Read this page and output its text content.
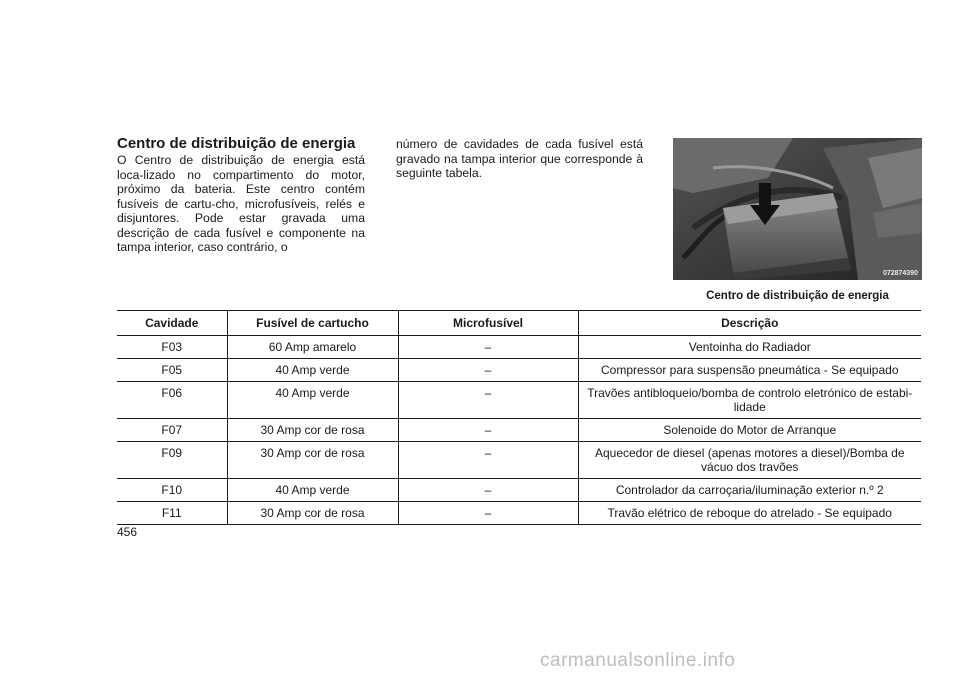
Centro de distribuição de energia

O Centro de distribuição de energia está loca-lizado no compartimento do motor, próximo da bateria. Este centro contém fusíveis de cartu-cho, microfusíveis, relés e disjuntores. Pode estar gravada uma descrição de cada fusível e componente na tampa interior, caso contrário, o

número de cavidades de cada fusível está gravado na tampa interior que corresponde à seguinte tabela.

072874390

Centro de distribuição de energia

Cavidade	Fusível de cartucho	Microfusível	Descrição
F03	60 Amp amarelo	–	Ventoinha do Radiador
F05	40 Amp verde	–	Compressor para suspensão pneumática - Se equipado
F06	40 Amp verde	–	Travões antibloqueio/bomba de controlo eletrónico de estabi-lidade
F07	30 Amp cor de rosa	–	Solenoide do Motor de Arranque
F09	30 Amp cor de rosa	–	Aquecedor de diesel (apenas motores a diesel)/Bomba de vácuo dos travões
F10	40 Amp verde	–	Controlador da carroçaria/iluminação exterior n.º 2
F11	30 Amp cor de rosa	–	Travão elétrico de reboque do atrelado - Se equipado

456

carmanualsonline.info
